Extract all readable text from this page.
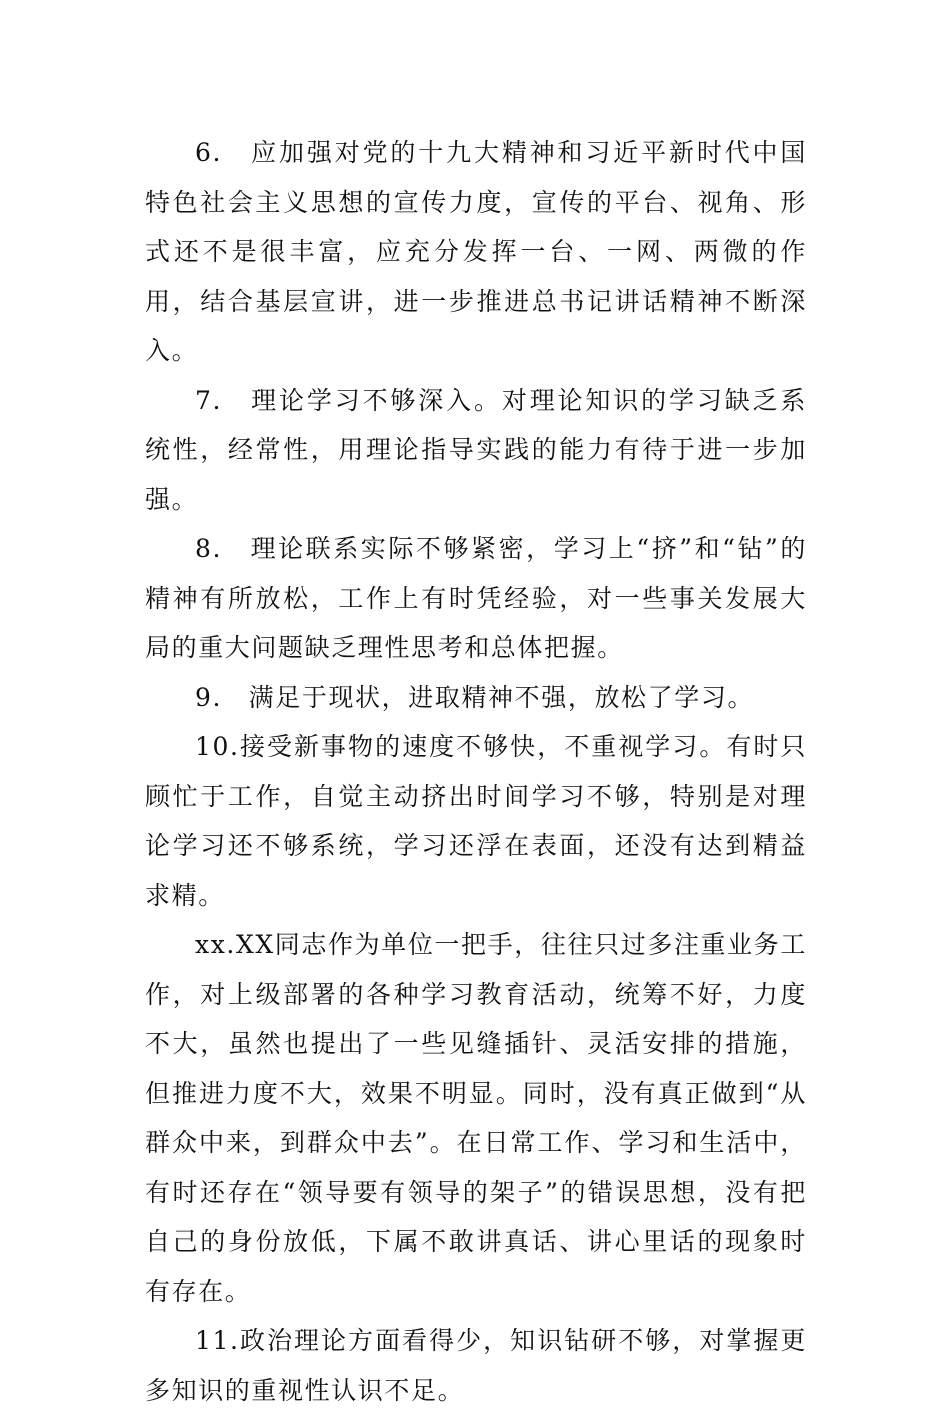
6.　应加强对党的十九大精神和习近平新时代中国特色社会主义思想的宣传力度，宣传的平台、视角、形式还不是很丰富，应充分发挥一台、一网、两微的作用，结合基层宣讲，进一步推进总书记讲话精神不断深入。

7.　理论学习不够深入。对理论知识的学习缺乏系统性，经常性，用理论指导实践的能力有待于进一步加强。

8.　理论联系实际不够紧密，学习上“挤”和“钻”的精神有所放松，工作上有时凭经验，对一些事关发展大局的重大问题缺乏理性思考和总体把握。

9.　满足于现状，进取精神不强，放松了学习。

10.接受新事物的速度不够快，不重视学习。有时只顾忙于工作，自觉主动挤出时间学习不够，特别是对理论学习还不够系统，学习还浮在表面，还没有达到精益求精。

xx.XX同志作为单位一把手，往往只过多注重业务工作，对上级部署的各种学习教育活动，统筹不好，力度不大，虽然也提出了一些见缝插针、灵活安排的措施，但推进力度不大，效果不明显。同时，没有真正做到“从群众中来，到群众中去”。在日常工作、学习和生活中，有时还存在“领导要有领导的架子”的错误思想，没有把自己的身份放低，下属不敢讲真话、讲心里话的现象时有存在。

11.政治理论方面看得少，知识钻研不够，对掌握更多知识的重视性认识不足。
